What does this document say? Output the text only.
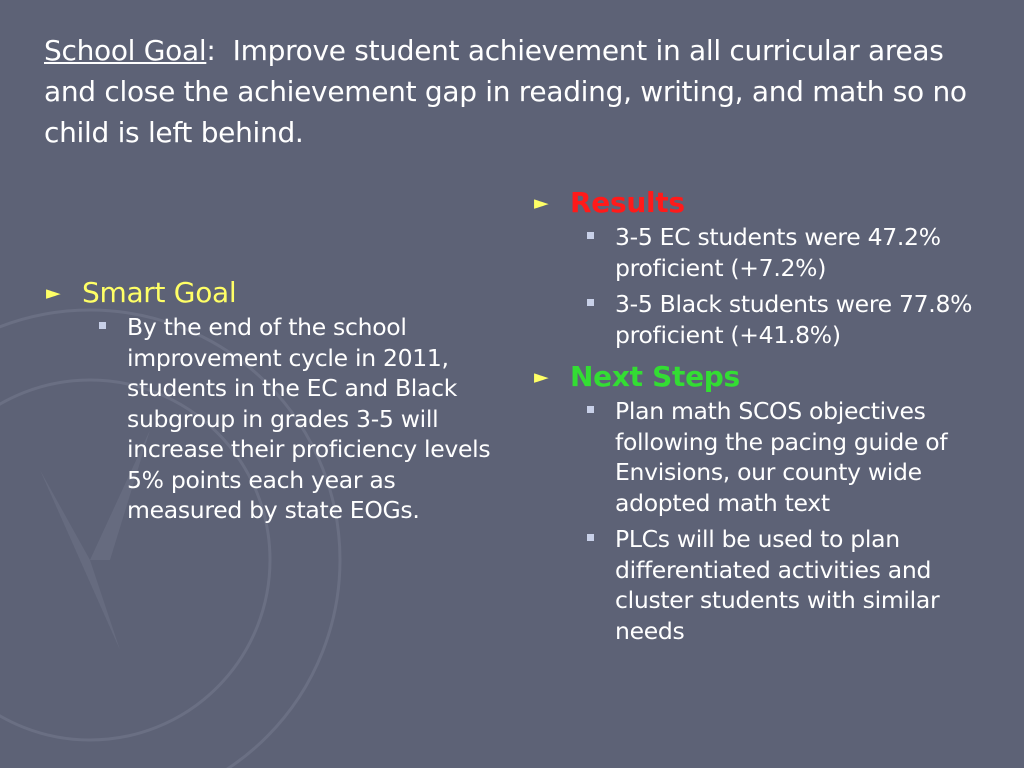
School Goal: Improve student achievement in all curricular areas and close the achievement gap in reading, writing, and math so no child is left behind.
► Smart Goal
By the end of the school improvement cycle in 2011, students in the EC and Black subgroup in grades 3-5 will increase their proficiency levels 5% points each year as measured by state EOGs.
► Results
3-5 EC students were 47.2% proficient (+7.2%)
3-5 Black students were 77.8% proficient (+41.8%)
► Next Steps
Plan math SCOS objectives following the pacing guide of Envisions, our county wide adopted math text
PLCs will be used to plan differentiated activities and cluster students with similar needs
